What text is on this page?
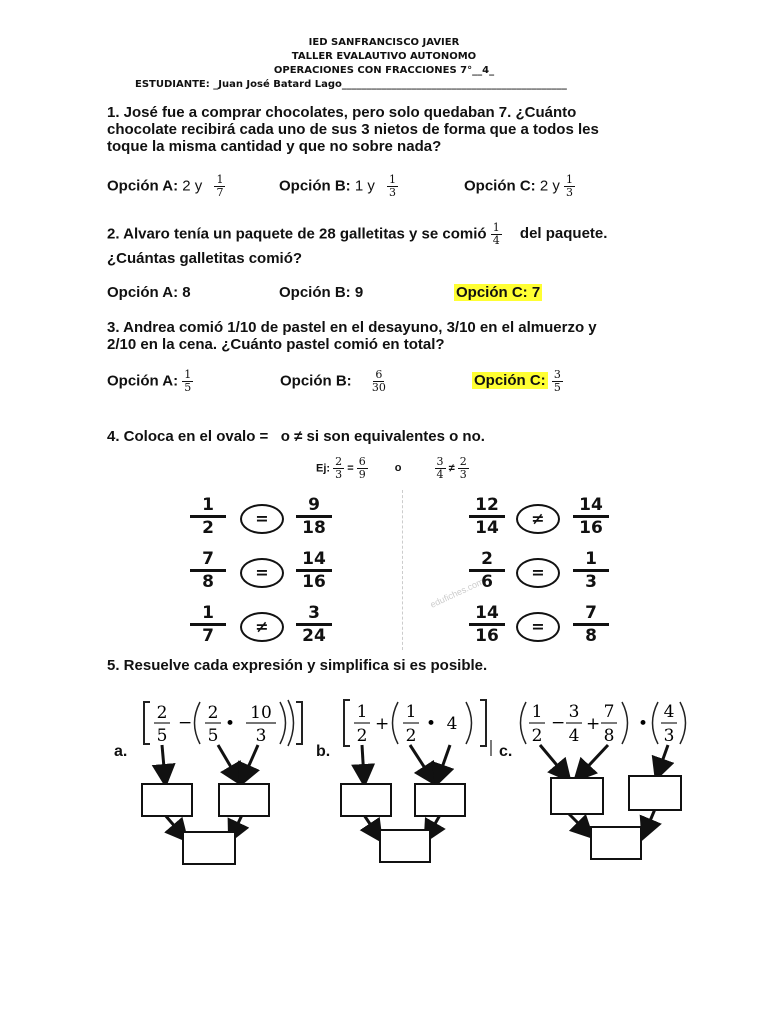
IED SANFRANCISCO JAVIER
TALLER EVALAUTIVO AUTONOMO
OPERACIONES CON FRACCIONES 7°__4_
ESTUDIANTE: _Juan José Batard Lago_____________________________________________
1. José fue a comprar chocolates, pero solo quedaban 7. ¿Cuánto
chocolate recibirá cada uno de sus 3 nietos de forma que a todos les
toque la misma cantidad y que no sobre nada?
Opción A: 2 y $\frac{1}{7}$	Opción B: 1 y $\frac{1}{3}$	Opción C: 2 y $\frac{1}{3}$
2. Alvaro tenía un paquete de 28 galletitas y se comió $\frac{1}{4}$ del paquete.
¿Cuántas galletitas comió?
Opción A: 8	Opción B: 9	Opción C: 7
3. Andrea comió 1/10 de pastel en el desayuno, 3/10 en el almuerzo y
2/10 en la cena. ¿Cuánto pastel comió en total?
Opción A: $\frac{1}{5}$	Opción B: $\frac{6}{30}$	Opción C: $\frac{3}{5}$
4. Coloca en el ovalo =   o ≠ si son equivalentes o no.
Ej: $\frac{2}{3} = \frac{6}{9}$ o	$\frac{3}{4} \ne \frac{2}{3}$
edufiches.com
$\frac{1}{2}$	=	$\frac{9}{18}$
$\frac{7}{8}$	=	$\frac{14}{16}$
$\frac{1}{7}$	≠	$\frac{3}{24}$
$\frac{12}{14}$	≠	$\frac{14}{16}$
$\frac{2}{6}$	=	$\frac{1}{3}$
$\frac{14}{16}$	=	$\frac{7}{8}$
5. Resuelve cada expresión y simplifica si es posible.
2
5
− 2
5
•
10
3
1
2
+
1
2
• 4
1
2
−
3
4
+
7
8
•
4
3
a.	b.	c.
